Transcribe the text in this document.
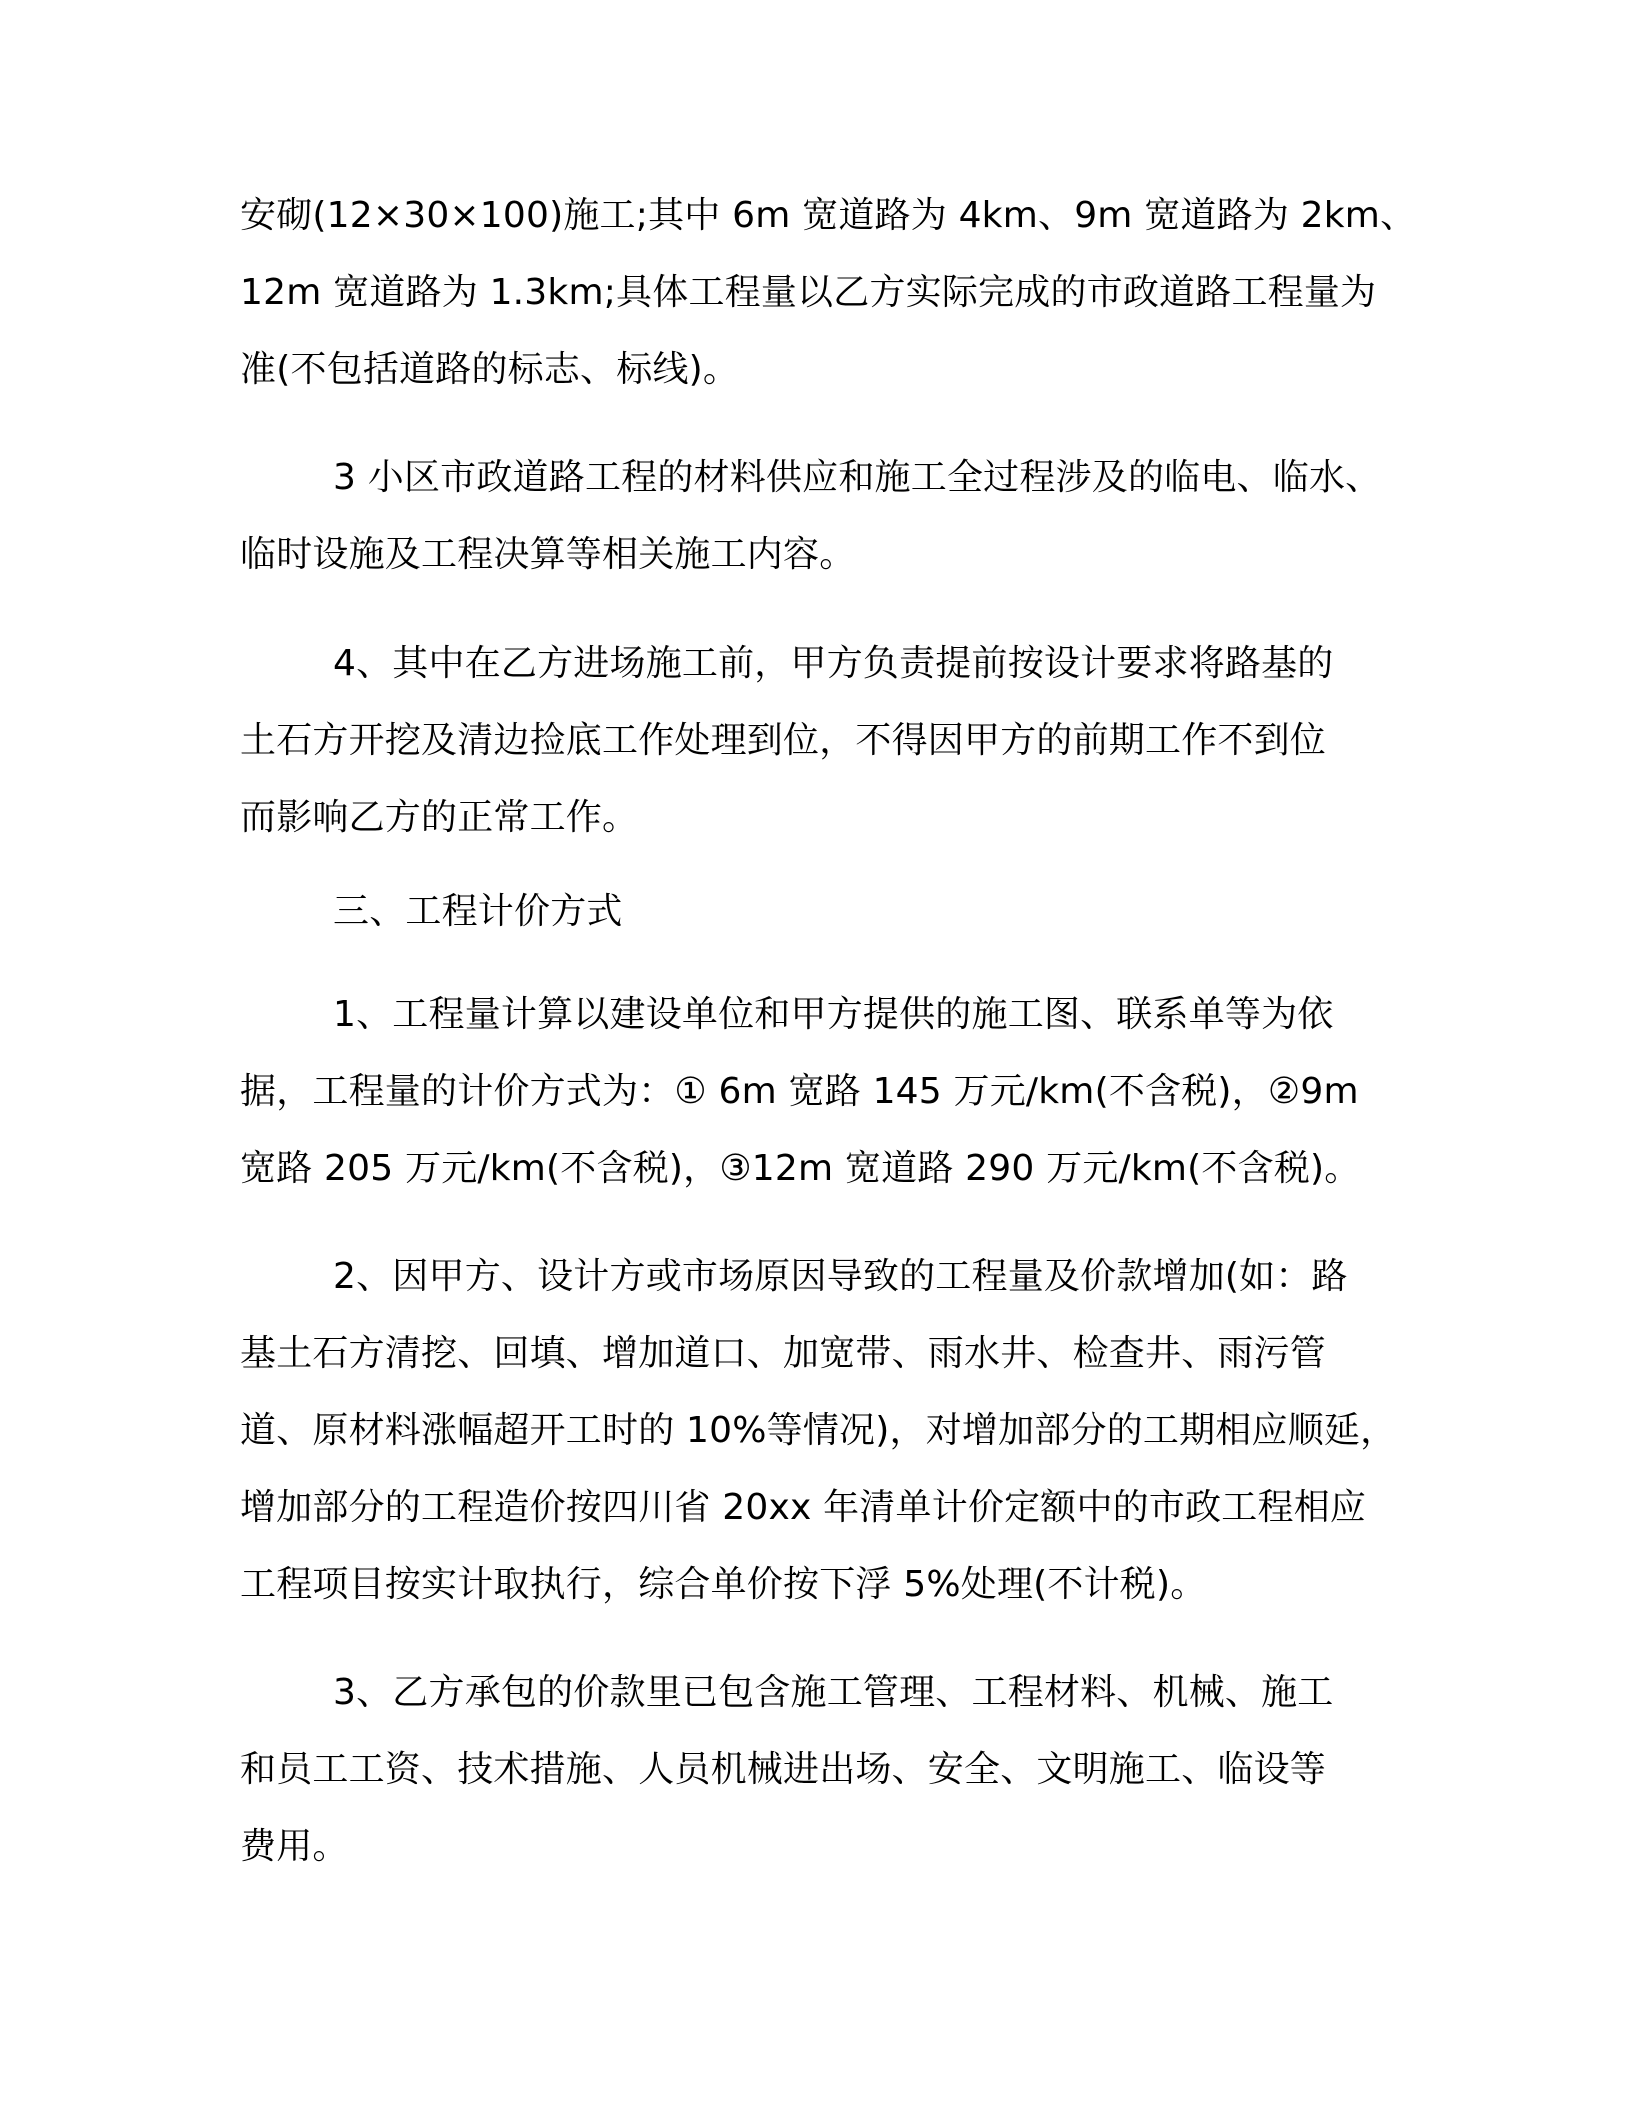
安砌(12×30×100)施工;其中 6m 宽道路为 4km、9m 宽道路为 2km、
12m 宽道路为 1.3km;具体工程量以乙方实际完成的市政道路工程量为
准(不包括道路的标志、标线)。

3 小区市政道路工程的材料供应和施工全过程涉及的临电、临水、
临时设施及工程决算等相关施工内容。

4、其中在乙方进场施工前，甲方负责提前按设计要求将路基的
土石方开挖及清边捡底工作处理到位，不得因甲方的前期工作不到位
而影响乙方的正常工作。

三、工程计价方式

1、工程量计算以建设单位和甲方提供的施工图、联系单等为依
据，工程量的计价方式为：① 6m 宽路 145 万元/km(不含税)，②9m
宽路 205 万元/km(不含税)，③12m 宽道路 290 万元/km(不含税)。

2、因甲方、设计方或市场原因导致的工程量及价款增加(如：路
基土石方清挖、回填、增加道口、加宽带、雨水井、检查井、雨污管
道、原材料涨幅超开工时的 10%等情况)，对增加部分的工期相应顺延，
增加部分的工程造价按四川省 20xx 年清单计价定额中的市政工程相应
工程项目按实计取执行，综合单价按下浮 5%处理(不计税)。

3、乙方承包的价款里已包含施工管理、工程材料、机械、施工
和员工工资、技术措施、人员机械进出场、安全、文明施工、临设等
费用。
